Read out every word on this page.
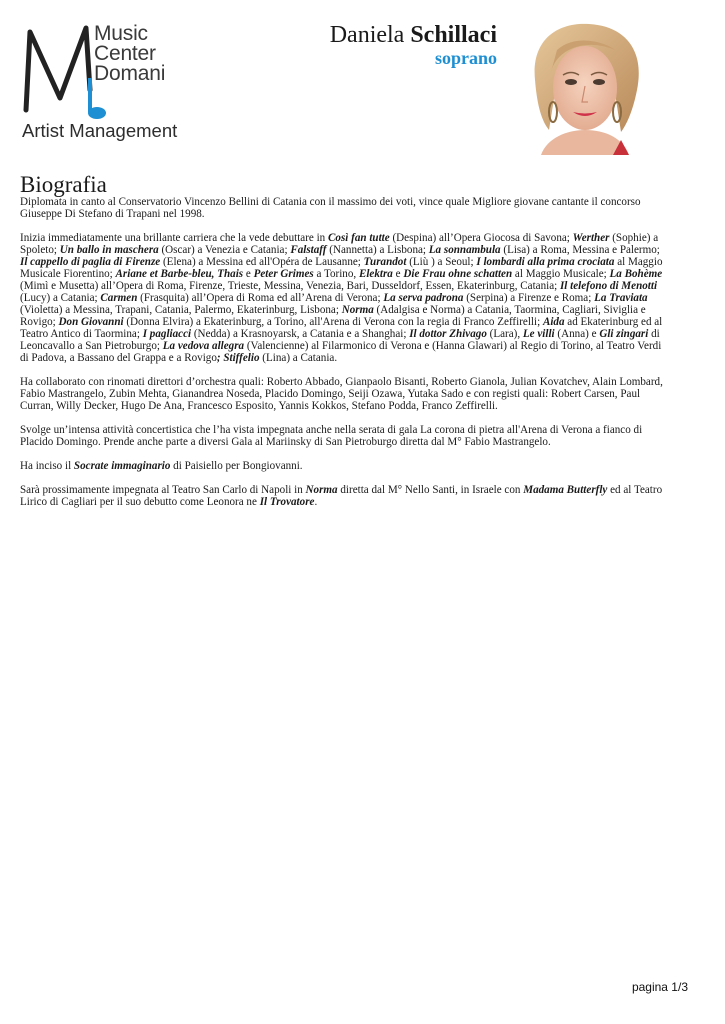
Music
Center
Domani
Artist Management
Daniela Schillaci
soprano
Biografia

Diplomata in canto al Conservatorio Vincenzo Bellini di Catania con il massimo dei voti, vince quale Migliore giovane cantante il concorso Giuseppe Di Stefano di Trapani nel 1998.

Inizia immediatamente una brillante carriera che la vede debuttare in Così fan tutte (Despina) all’Opera Giocosa di Savona; Werther (Sophie) a Spoleto; Un ballo in maschera (Oscar) a Venezia e Catania; Falstaff (Nannetta) a Lisbona; La sonnambula (Lisa) a Roma, Messina e Palermo; Il cappello di paglia di Firenze (Elena) a Messina ed all'Opéra de Lausanne; Turandot (Liù ) a Seoul; I lombardi alla prima crociata al Maggio Musicale Fiorentino; Ariane et Barbe-bleu, Thais e Peter Grimes a Torino, Elektra e Die Frau ohne schatten al Maggio Musicale; La Bohème (Mimì e Musetta) all’Opera di Roma, Firenze, Trieste, Messina, Venezia, Bari, Dusseldorf, Essen, Ekaterinburg, Catania; Il telefono di Menotti (Lucy) a Catania; Carmen (Frasquita) all’Opera di Roma ed all’Arena di Verona; La serva padrona (Serpina) a Firenze e Roma; La Traviata (Violetta) a Messina, Trapani, Catania, Palermo, Ekaterinburg, Lisbona; Norma (Adalgisa e Norma) a Catania, Taormina, Cagliari, Siviglia e Rovigo; Don Giovanni (Donna Elvira) a Ekaterinburg, a Torino, all'Arena di Verona con la regia di Franco Zeffirelli; Aida ad Ekaterinburg ed al Teatro Antico di Taormina; I pagliacci (Nedda) a Krasnoyarsk, a Catania e a Shanghai; Il dottor Zhivago (Lara), Le villi (Anna) e Gli zingari di Leoncavallo a San Pietroburgo; La vedova allegra (Valencienne) al Filarmonico di Verona e (Hanna Glawari) al Regio di Torino, al Teatro Verdi di Padova, a Bassano del Grappa e a Rovigo; Stiffelio (Lina) a Catania.

Ha collaborato con rinomati direttori d’orchestra quali: Roberto Abbado, Gianpaolo Bisanti, Roberto Gianola, Julian Kovatchev, Alain Lombard, Fabio Mastrangelo, Zubin Mehta, Gianandrea Noseda, Placido Domingo, Seiji Ozawa, Yutaka Sado e con registi quali: Robert Carsen, Paul Curran, Willy Decker, Hugo De Ana, Francesco Esposito, Yannis Kokkos, Stefano Podda, Franco Zeffirelli.

Svolge un’intensa attività concertistica che l’ha vista impegnata anche nella serata di gala La corona di pietra all'Arena di Verona a fianco di Placido Domingo. Prende anche parte a diversi Gala al Mariinsky di San Pietroburgo diretta dal M° Fabio Mastrangelo.

Ha inciso il Socrate immaginario di Paisiello per Bongiovanni.

Sarà prossimamente impegnata al Teatro San Carlo di Napoli in Norma diretta dal M° Nello Santi, in Israele con Madama Butterfly ed al Teatro Lirico di Cagliari per il suo debutto come Leonora ne Il Trovatore.

pagina 1/3
